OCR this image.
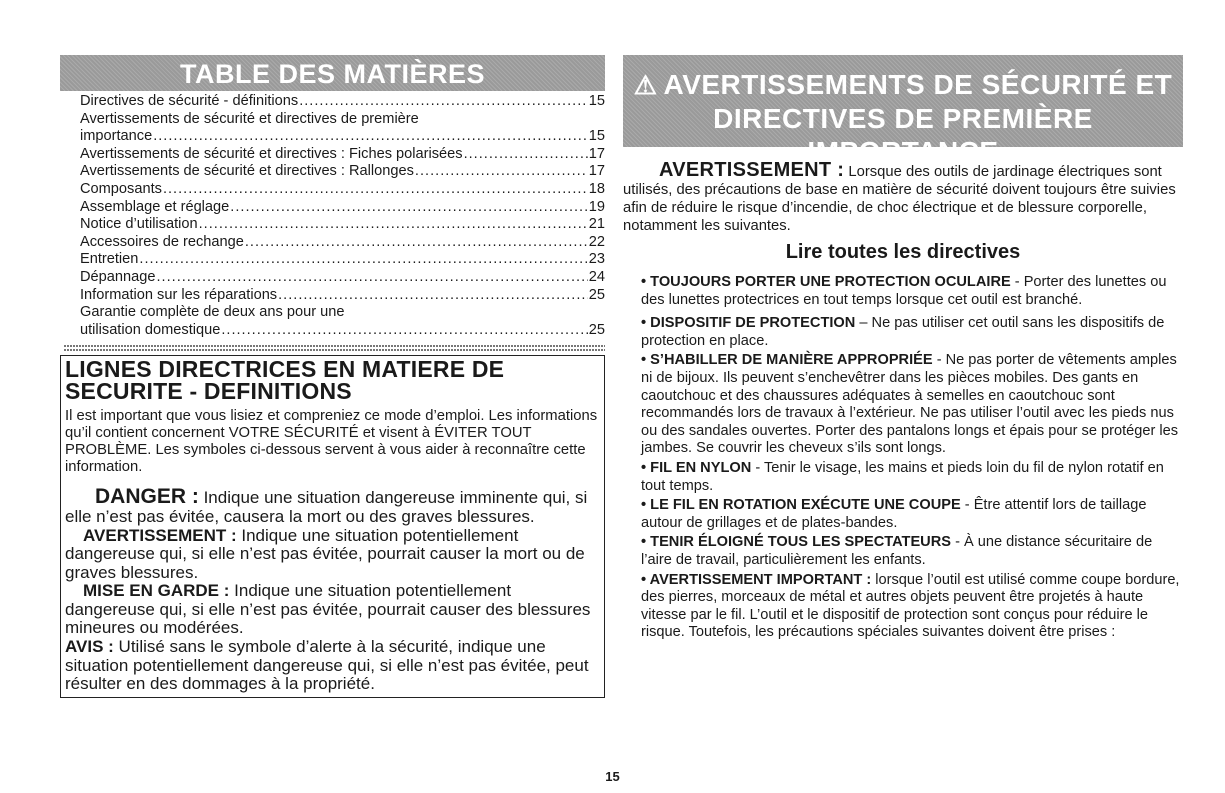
TABLE DES MATIÈRES
Directives de sécurité - définitions .....	15
Avertissements de sécurité et directives de première
importance .....	15
Avertissements de sécurité et directives : Fiches polarisées .....	17
Avertissements de sécurité et directives : Rallonges .....	17
Composants .....	18
Assemblage et réglage .....	19
Notice d’utilisation .....	21
Accessoires de rechange .....	22
Entretien .....	23
Dépannage .....	24
Information sur les réparations .....	25
Garantie complète de deux ans pour une
utilisation domestique .....	25
LIGNES DIRECTRICES EN MATIERE DE
SECURITE - DEFINITIONS

Il est important que vous lisiez et compreniez ce mode d’emploi. Les informations qu’il contient concernent VOTRE SÉCURITÉ et visent à ÉVITER TOUT PROBLÈME. Les symboles ci-dessous servent à vous aider à reconnaître cette information.

DANGER : Indique une situation dangereuse imminente qui, si elle n’est pas évitée, causera la mort ou des graves blessures.

AVERTISSEMENT : Indique une situation potentiellement dangereuse qui, si elle n’est pas évitée, pourrait causer la mort ou de graves blessures.

MISE EN GARDE : Indique une situation potentiellement dangereuse qui, si elle n’est pas évitée, pourrait causer des blessures mineures ou modérées.

AVIS : Utilisé sans le symbole d’alerte à la sécurité, indique une situation potentiellement dangereuse qui, si elle n’est pas évitée, peut résulter en des dommages à la propriété.

⚠ AVERTISSEMENTS DE SÉCURITÉ ET
DIRECTIVES DE PREMIÈRE IMPORTANCE

AVERTISSEMENT : Lorsque des outils de jardinage électriques sont utilisés, des précautions de base en matière de sécurité doivent toujours être suivies afin de réduire le risque d’incendie, de choc électrique et de blessure corporelle, notamment les suivantes.

Lire toutes les directives
• TOUJOURS PORTER UNE PROTECTION OCULAIRE - Porter des lunettes ou des lunettes protectrices en tout temps lorsque cet outil est branché.
• DISPOSITIF DE PROTECTION – Ne pas utiliser cet outil sans les dispositifs de protection en place.
• S’HABILLER DE MANIÈRE APPROPRIÉE - Ne pas porter de vêtements amples ni de bijoux. Ils peuvent s’enchevêtrer dans les pièces mobiles. Des gants en caoutchouc et des chaussures adéquates à semelles en caoutchouc sont recommandés lors de travaux à l’extérieur. Ne pas utiliser l’outil avec les pieds nus ou des sandales ouvertes. Porter des pantalons longs et épais pour se protéger les jambes. Se couvrir les cheveux s’ils sont longs.
• FIL EN NYLON - Tenir le visage, les mains et pieds loin du fil de nylon rotatif en tout temps.
• LE FIL EN ROTATION EXÉCUTE UNE COUPE - Être attentif lors de taillage autour de grillages et de plates-bandes.
• TENIR ÉLOIGNÉ TOUS LES SPECTATEURS - À une distance sécuritaire de l’aire de travail, particulièrement les enfants.
• AVERTISSEMENT IMPORTANT : lorsque l’outil est utilisé comme coupe bordure, des pierres, morceaux de métal et autres objets peuvent être projetés à haute vitesse par le fil. L’outil et le dispositif de protection sont conçus pour réduire le risque. Toutefois, les précautions spéciales suivantes doivent être prises :
15
